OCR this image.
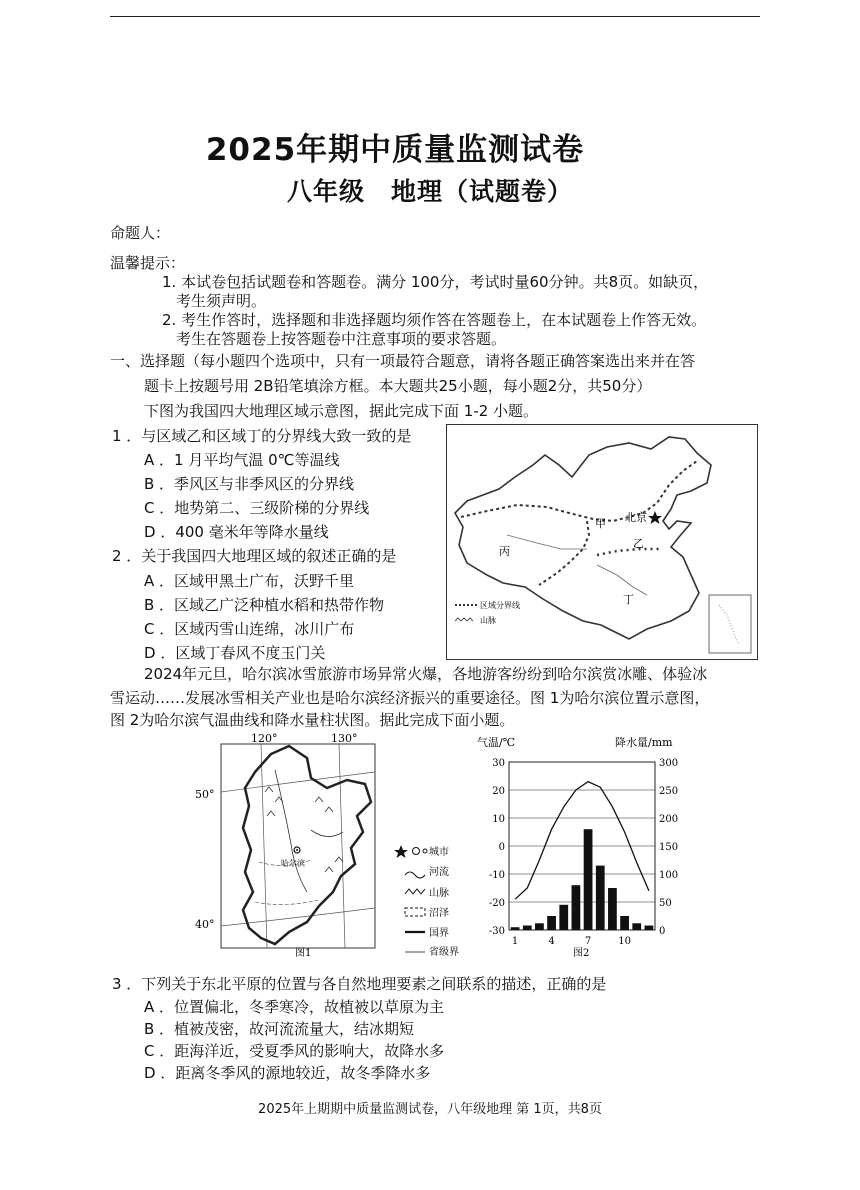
2025年期中质量监测试卷
八年级　地理（试题卷）
命题人：
温馨提示：
1. 本试卷包括试题卷和答题卷。满分 100分，考试时量60分钟。共8页。如缺页，
考生须声明。
2. 考生作答时，选择题和非选择题均须作答在答题卷上，在本试题卷上作答无效。
考生在答题卷上按答题卷中注意事项的要求答题。
一、选择题（每小题四个选项中，只有一项最符合题意，请将各题正确答案选出来并在答
题卡上按题号用 2B铅笔填涂方框。本大题共25小题，每小题2分，共50分）
下图为我国四大地理区域示意图，据此完成下面 1-2 小题。
1 ．与区域乙和区域丁的分界线大致一致的是
A ．1 月平均气温 0℃等温线
B ．季风区与非季风区的分界线
C ．地势第二、三级阶梯的分界线
D ．400 毫米年等降水量线
2 ．关于我国四大地理区域的叙述正确的是
A ．区域甲黑土广布，沃野千里
B ．区域乙广泛种植水稻和热带作物
C ．区域丙雪山连绵，冰川广布
D ．区域丁春风不度玉门关
甲
乙
丙
丁
北京
区域分界线
山脉
2024年元旦，哈尔滨冰雪旅游市场异常火爆，各地游客纷纷到哈尔滨赏冰雕、体验冰
雪运动……发展冰雪相关产业也是哈尔滨经济振兴的重要途径。图 1为哈尔滨位置示意图，
图 2为哈尔滨气温曲线和降水量柱状图。据此完成下面小题。
120°	130°
50°
40°
哈尔滨
图1
城市
河流
山脉
沼泽
国界
省级界
气温/℃	降水量/mm
30
20
10
0
-10
-20
-30
300
250
200
150
100
50
0
1	4	7	10
图2
3 ．下列关于东北平原的位置与各自然地理要素之间联系的描述，正确的是
A ．位置偏北，冬季寒冷，故植被以草原为主
B ．植被茂密，故河流流量大，结冰期短
C ．距海洋近，受夏季风的影响大，故降水多
D ．距离冬季风的源地较近，故冬季降水多
2025年上期期中质量监测试卷，八年级地理 第 1页，共8页
